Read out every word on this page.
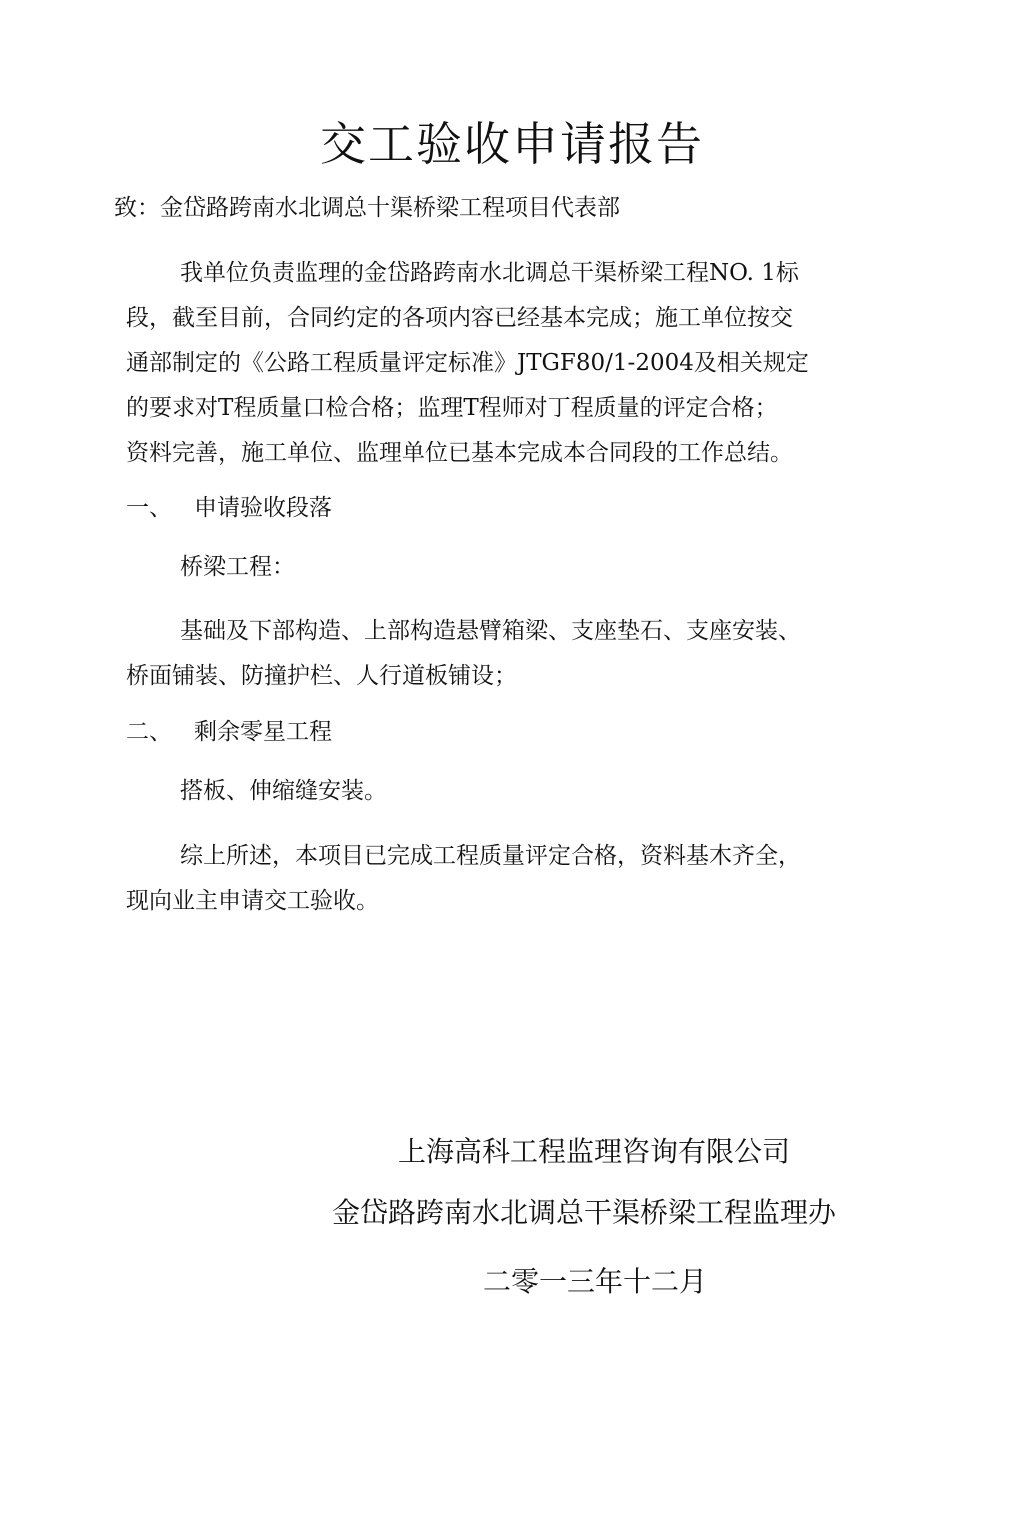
交工验收申请报告
致：金岱路跨南水北调总十渠桥梁工程项目代表部
我单位负责监理的金岱路跨南水北调总干渠桥梁工程NO. 1标
段，截至目前，合同约定的各项内容已经基本完成；施工单位按交
通部制定的《公路工程质量评定标准》JTGF80/1-2004及相关规定
的要求对T程质量口检合格；监理T程师对丁程质量的评定合格；
资料完善，施工单位、监理单位已基本完成本合同段的工作总结。
一、 申请验收段落
桥梁工程：
基础及下部构造、上部构造悬臂箱梁、支座垫石、支座安装、
桥面铺装、防撞护栏、人行道板铺设；
二、 剩余零星工程
搭板、伸缩缝安装。
综上所述，本项目已完成工程质量评定合格，资料基木齐全，
现向业主申请交工验收。
上海高科工程监理咨询有限公司
金岱路跨南水北调总干渠桥梁工程监理办
二零一三年十二月
